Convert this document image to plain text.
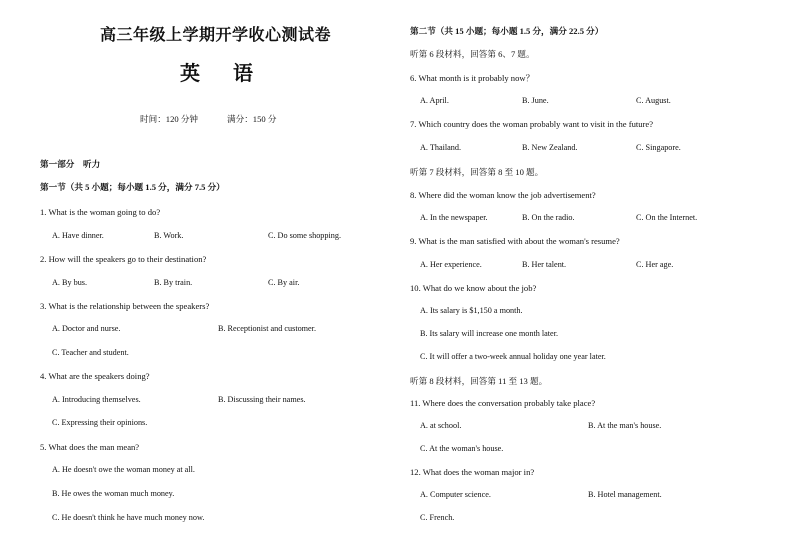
高三年级上学期开学收心测试卷
英 语
时间：120 分钟	满分：150 分
第一部分　听力
第一节（共 5 小题；每小题 1.5 分，满分 7.5 分）
1. What is the woman going to do?
A. Have dinner.	B. Work.	C. Do some shopping.
2. How will the speakers go to their destination?
A. By bus.	B. By train.	C. By air.
3. What is the relationship between the speakers?
A. Doctor and nurse.	B. Receptionist and customer.
C. Teacher and student.
4. What are the speakers doing?
A. Introducing themselves.	B. Discussing their names.
C. Expressing their opinions.
5. What does the man mean?
A. He doesn't owe the woman money at all.
B. He owes the woman much money.
C. He doesn't think he have much money now.
第二节（共 15 小题；每小题 1.5 分，满分 22.5 分）
听第 6 段材料，回答第 6、7 题。
6. What month is it probably now？
A. April.	B. June.	C. August.
7. Which country does the woman probably want to visit in the future?
A. Thailand.	B. New Zealand.	C. Singapore.
听第 7 段材料，回答第 8 至 10 题。
8. Where did the woman know the job advertisement?
A. In the newspaper.	B. On the radio.	C. On the Internet.
9. What is the man satisfied with about the woman's resume?
A. Her experience.	B. Her talent.	C. Her age.
10. What do we know about the job?
A. Its salary is $1,150 a month.
B. Its salary will increase one month later.
C. It will offer a two-week annual holiday one year later.
听第 8 段材料，回答第 11 至 13 题。
11. Where does the conversation probably take place?
A. at school.	B. At the man's house.
C. At the woman's house.
12. What does the woman major in?
A. Computer science.	B. Hotel management.
C. French.
